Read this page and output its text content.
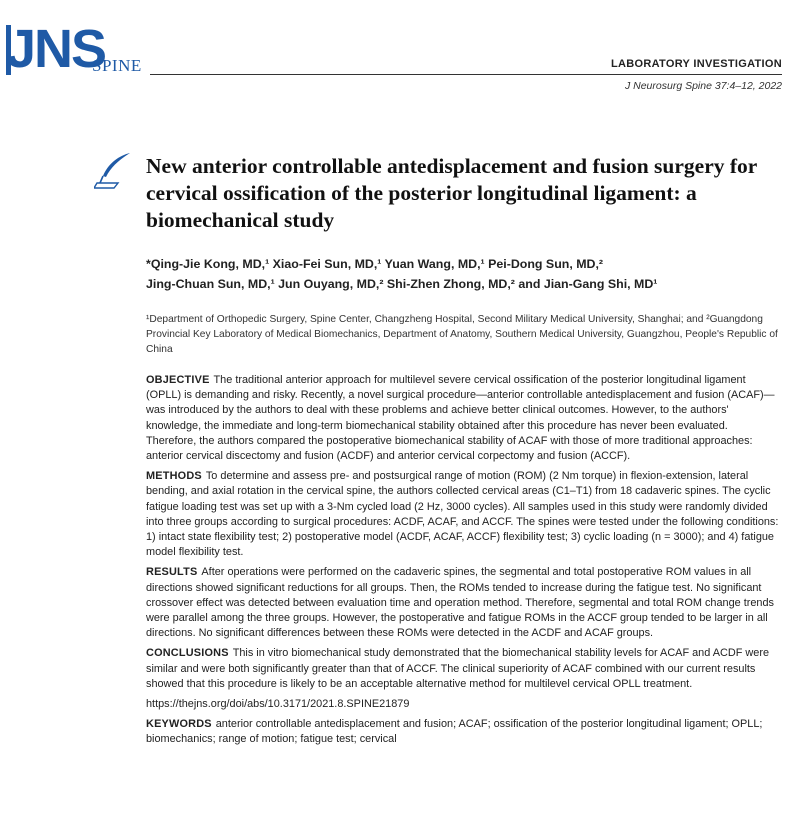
JNS
SPINE	LABORATORY INVESTIGATION
J Neurosurg Spine 37:4–12, 2022
New anterior controllable antedisplacement and fusion surgery for cervical ossification of the posterior longitudinal ligament: a biomechanical study
*Qing-Jie Kong, MD,¹ Xiao-Fei Sun, MD,¹ Yuan Wang, MD,¹ Pei-Dong Sun, MD,²
Jing-Chuan Sun, MD,¹ Jun Ouyang, MD,² Shi-Zhen Zhong, MD,² and Jian-Gang Shi, MD¹
¹Department of Orthopedic Surgery, Spine Center, Changzheng Hospital, Second Military Medical University, Shanghai; and ²Guangdong Provincial Key Laboratory of Medical Biomechanics, Department of Anatomy, Southern Medical University, Guangzhou, People's Republic of China

OBJECTIVE The traditional anterior approach for multilevel severe cervical ossification of the posterior longitudinal ligament (OPLL) is demanding and risky. Recently, a novel surgical procedure—anterior controllable antedisplacement and fusion (ACAF)—was introduced by the authors to deal with these problems and achieve better clinical outcomes. However, to the authors' knowledge, the immediate and long-term biomechanical stability obtained after this procedure has never been evaluated. Therefore, the authors compared the postoperative biomechanical stability of ACAF with those of more traditional approaches: anterior cervical discectomy and fusion (ACDF) and anterior cervical corpectomy and fusion (ACCF).

METHODS To determine and assess pre- and postsurgical range of motion (ROM) (2 Nm torque) in flexion-extension, lateral bending, and axial rotation in the cervical spine, the authors collected cervical areas (C1–T1) from 18 cadaveric spines. The cyclic fatigue loading test was set up with a 3-Nm cycled load (2 Hz, 3000 cycles). All samples used in this study were randomly divided into three groups according to surgical procedures: ACDF, ACAF, and ACCF. The spines were tested under the following conditions: 1) intact state flexibility test; 2) postoperative model (ACDF, ACAF, ACCF) flexibility test; 3) cyclic loading (n = 3000); and 4) fatigue model flexibility test.

RESULTS After operations were performed on the cadaveric spines, the segmental and total postoperative ROM values in all directions showed significant reductions for all groups. Then, the ROMs tended to increase during the fatigue test. No significant crossover effect was detected between evaluation time and operation method. Therefore, segmental and total ROM change trends were parallel among the three groups. However, the postoperative and fatigue ROMs in the ACCF group tended to be larger in all directions. No significant differences between these ROMs were detected in the ACDF and ACAF groups.

CONCLUSIONS This in vitro biomechanical study demonstrated that the biomechanical stability levels for ACAF and ACDF were similar and were both significantly greater than that of ACCF. The clinical superiority of ACAF combined with our current results showed that this procedure is likely to be an acceptable alternative method for multilevel cervical OPLL treatment.

https://thejns.org/doi/abs/10.3171/2021.8.SPINE21879

KEYWORDS anterior controllable antedisplacement and fusion; ACAF; ossification of the posterior longitudinal ligament; OPLL; biomechanics; range of motion; fatigue test; cervical
